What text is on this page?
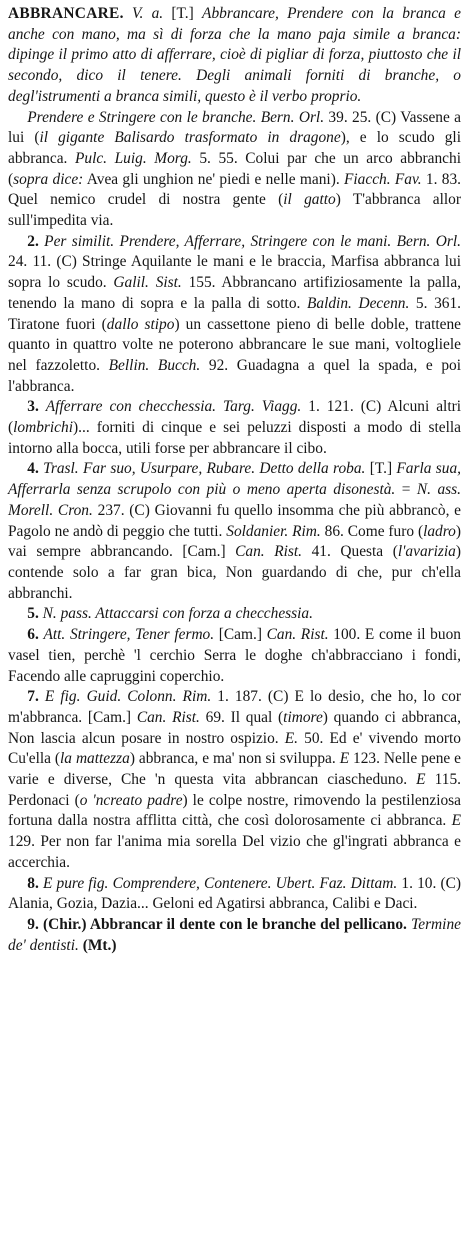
ABBRANCARE. V. a. [T.] Abbrancare, Prendere con la branca e anche con mano, ma sì di forza che la mano paja simile a branca: dipinge il primo atto di afferrare, cioè di pigliar di forza, piuttosto che il secondo, dico il tenere. Degli animali forniti di branche, o degl'istrumenti a branca simili, questo è il verbo proprio.

Prendere e Stringere con le branche. Bern. Orl. 39. 25. (C) Vassene a lui (il gigante Balisardo trasformato in dragone), e lo scudo gli abbranca. Pulc. Luig. Morg. 5. 55. Colui par che un arco abbranchi (sopra dice: Avea gli unghion ne' piedi e nelle mani). Fiacch. Fav. 1. 83. Quel nemico crudel di nostra gente (il gatto) T'abbranca allor sull'impedita via.

2. Per similit. Prendere, Afferrare, Stringere con le mani. Bern. Orl. 24. 11. (C) Stringe Aquilante le mani e le braccia, Marfisa abbranca lui sopra lo scudo. Galil. Sist. 155. Abbrancano artifiziosamente la palla, tenendo la mano di sopra e la palla di sotto. Baldin. Decenn. 5. 361. Tiratone fuori (dallo stipo) un cassettone pieno di belle doble, trattene quanto in quattro volte ne poterono abbrancare le sue mani, voltogliele nel fazzoletto. Bellin. Bucch. 92. Guadagna a quel la spada, e poi l'abbranca.

3. Afferrare con checchessia. Targ. Viagg. 1. 121. (C) Alcuni altri (lombrichi)... forniti di cinque e sei peluzzi disposti a modo di stella intorno alla bocca, utili forse per abbrancare il cibo.

4. Trasl. Far suo, Usurpare, Rubare. Detto della roba. [T.] Farla sua, Afferrarla senza scrupolo con più o meno aperta disonestà. = N. ass. Morell. Cron. 237. (C) Giovanni fu quello insomma che più abbrancò, e Pagolo ne andò di peggio che tutti. Soldanier. Rim. 86. Come furo (ladro) vai sempre abbrancando. [Cam.] Can. Rist. 41. Questa (l'avarizia) contende solo a far gran bica, Non guardando di che, pur ch'ella abbranchi.

5. N. pass. Attaccarsi con forza a checchessia.

6. Att. Stringere, Tener fermo. [Cam.] Can. Rist. 100. E come il buon vasel tien, perchè 'l cerchio Serra le doghe ch'abbracciano i fondi, Facendo alle capruggini coperchio.

7. E fig. Guid. Colonn. Rim. 1. 187. (C) E lo desio, che ho, lo cor m'abbranca. [Cam.] Can. Rist. 69. Il qual (timore) quando ci abbranca, Non lascia alcun posare in nostro ospizio. E. 50. Ed e' vivendo morto Cu'ella (la mattezza) abbranca, e ma' non si sviluppa. E 123. Nelle pene e varie e diverse, Che 'n questa vita abbrancan ciascheduno. E 115. Perdonaci (o 'ncreato padre) le colpe nostre, rimovendo la pestilenziosa fortuna dalla nostra afflitta città, che così dolorosamente ci abbranca. E 129. Per non far l'anima mia sorella Del vizio che gl'ingrati abbranca e accerchia.

8. E pure fig. Comprendere, Contenere. Ubert. Faz. Dittam. 1. 10. (C) Alania, Gozia, Dazia... Geloni ed Agatirsi abbranca, Calibi e Daci.

9. (Chir.) Abbrancar il dente con le branche del pellicano. Termine de' dentisti. (Mt.)
